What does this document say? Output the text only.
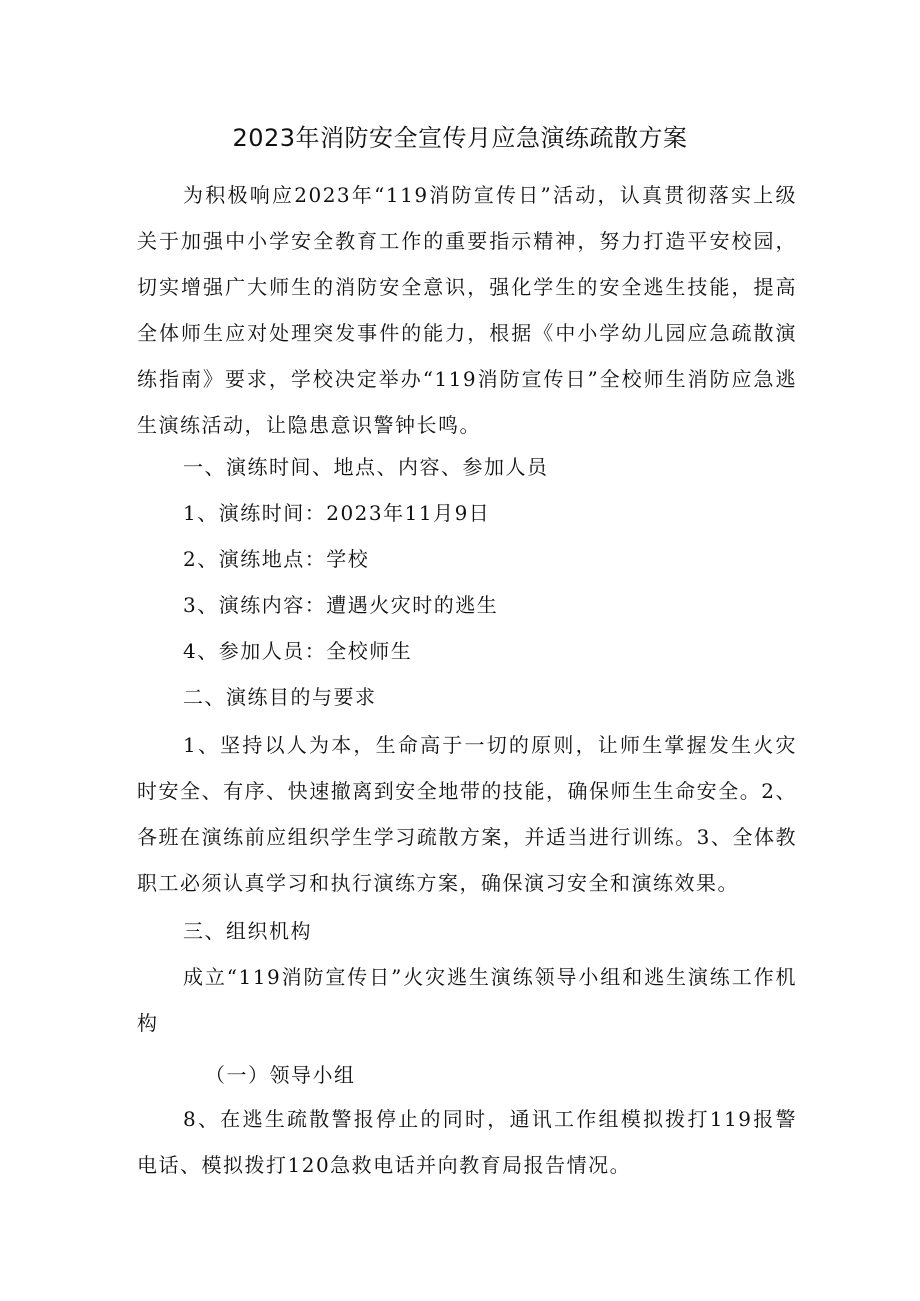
2023年消防安全宣传月应急演练疏散方案

为积极响应2023年“119消防宣传日”活动，认真贯彻落实上级关于加强中小学安全教育工作的重要指示精神，努力打造平安校园，切实增强广大师生的消防安全意识，强化学生的安全逃生技能，提高全体师生应对处理突发事件的能力，根据《中小学幼儿园应急疏散演练指南》要求，学校决定举办“119消防宣传日”全校师生消防应急逃生演练活动，让隐患意识警钟长鸣。

一、演练时间、地点、内容、参加人员

1、演练时间：2023年11月9日

2、演练地点：学校

3、演练内容：遭遇火灾时的逃生

4、参加人员：全校师生

二、演练目的与要求

1、坚持以人为本，生命高于一切的原则，让师生掌握发生火灾时安全、有序、快速撤离到安全地带的技能，确保师生生命安全。2、各班在演练前应组织学生学习疏散方案，并适当进行训练。3、全体教职工必须认真学习和执行演练方案，确保演习安全和演练效果。

三、组织机构

成立“119消防宣传日”火灾逃生演练领导小组和逃生演练工作机构

（一）领导小组

8、在逃生疏散警报停止的同时，通讯工作组模拟拨打119报警电话、模拟拨打120急救电话并向教育局报告情况。
